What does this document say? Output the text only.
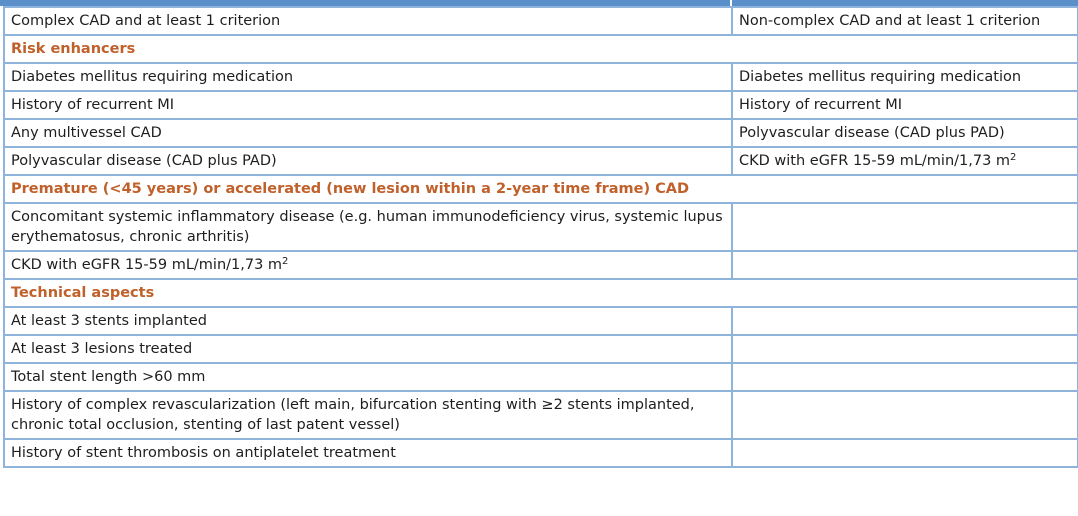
Complex CAD and at least 1 criterion	Non-complex CAD and at least 1 criterion
Risk enhancers	
Diabetes mellitus requiring medication	Diabetes mellitus requiring medication
History of recurrent MI	History of recurrent MI
Any multivessel CAD	Polyvascular disease (CAD plus PAD)
Polyvascular disease (CAD plus PAD)	CKD with eGFR 15-59 mL/min/1,73 $m^2$
Premature (<45 years) or accelerated (new lesion within a 2-year time frame) CAD	
Concomitant systemic inflammatory disease (e.g. human immunodeficiency virus, systemic lupus erythematosus, chronic arthritis)	
CKD with eGFR 15-59 mL/min/1,73 $m^2$	
Technical aspects	
At least 3 stents implanted	
At least 3 lesions treated	
Total stent length >60 mm	
History of complex revascularization (left main, bifurcation stenting with ≥2 stents implanted, chronic total occlusion, stenting of last patent vessel)	
History of stent thrombosis on antiplatelet treatment	
